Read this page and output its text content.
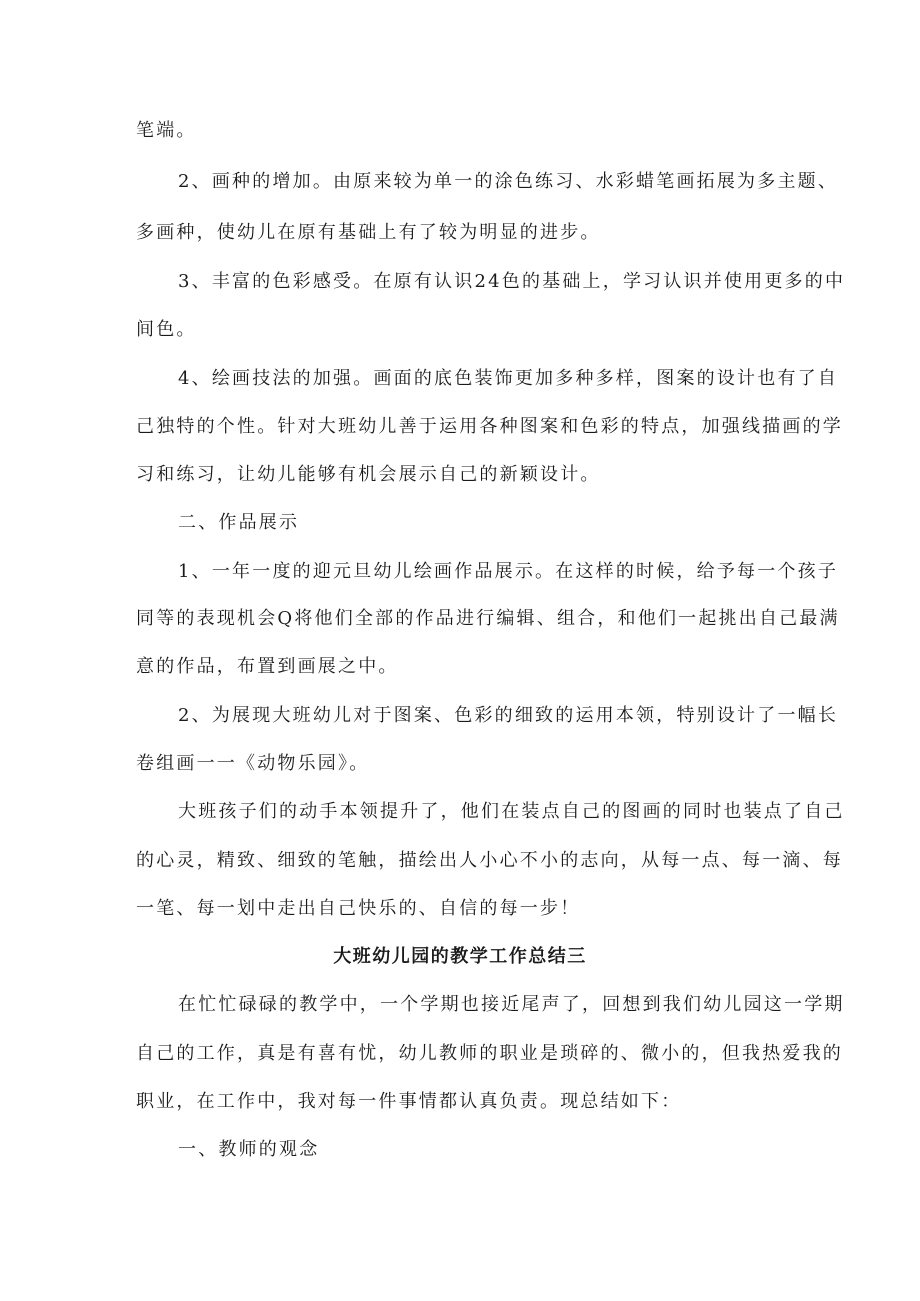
笔端。
2、画种的增加。由原来较为单一的涂色练习、水彩蜡笔画拓展为多主题、
多画种，使幼儿在原有基础上有了较为明显的进步。
3、丰富的色彩感受。在原有认识24色的基础上，学习认识并使用更多的中
间色。
4、绘画技法的加强。画面的底色装饰更加多种多样，图案的设计也有了自
己独特的个性。针对大班幼儿善于运用各种图案和色彩的特点，加强线描画的学
习和练习，让幼儿能够有机会展示自己的新颖设计。
二、作品展示
1、一年一度的迎元旦幼儿绘画作品展示。在这样的时候，给予每一个孩子
同等的表现机会Q将他们全部的作品进行编辑、组合，和他们一起挑出自己最满
意的作品，布置到画展之中。
2、为展现大班幼儿对于图案、色彩的细致的运用本领，特别设计了一幅长
卷组画一一《动物乐园》。
大班孩子们的动手本领提升了，他们在装点自己的图画的同时也装点了自己
的心灵，精致、细致的笔触，描绘出人小心不小的志向，从每一点、每一滴、每
一笔、每一划中走出自己快乐的、自信的每一步！
大班幼儿园的教学工作总结三
在忙忙碌碌的教学中，一个学期也接近尾声了，回想到我们幼儿园这一学期
自己的工作，真是有喜有忧，幼儿教师的职业是琐碎的、微小的，但我热爱我的
职业，在工作中，我对每一件事情都认真负责。现总结如下：
一、教师的观念
